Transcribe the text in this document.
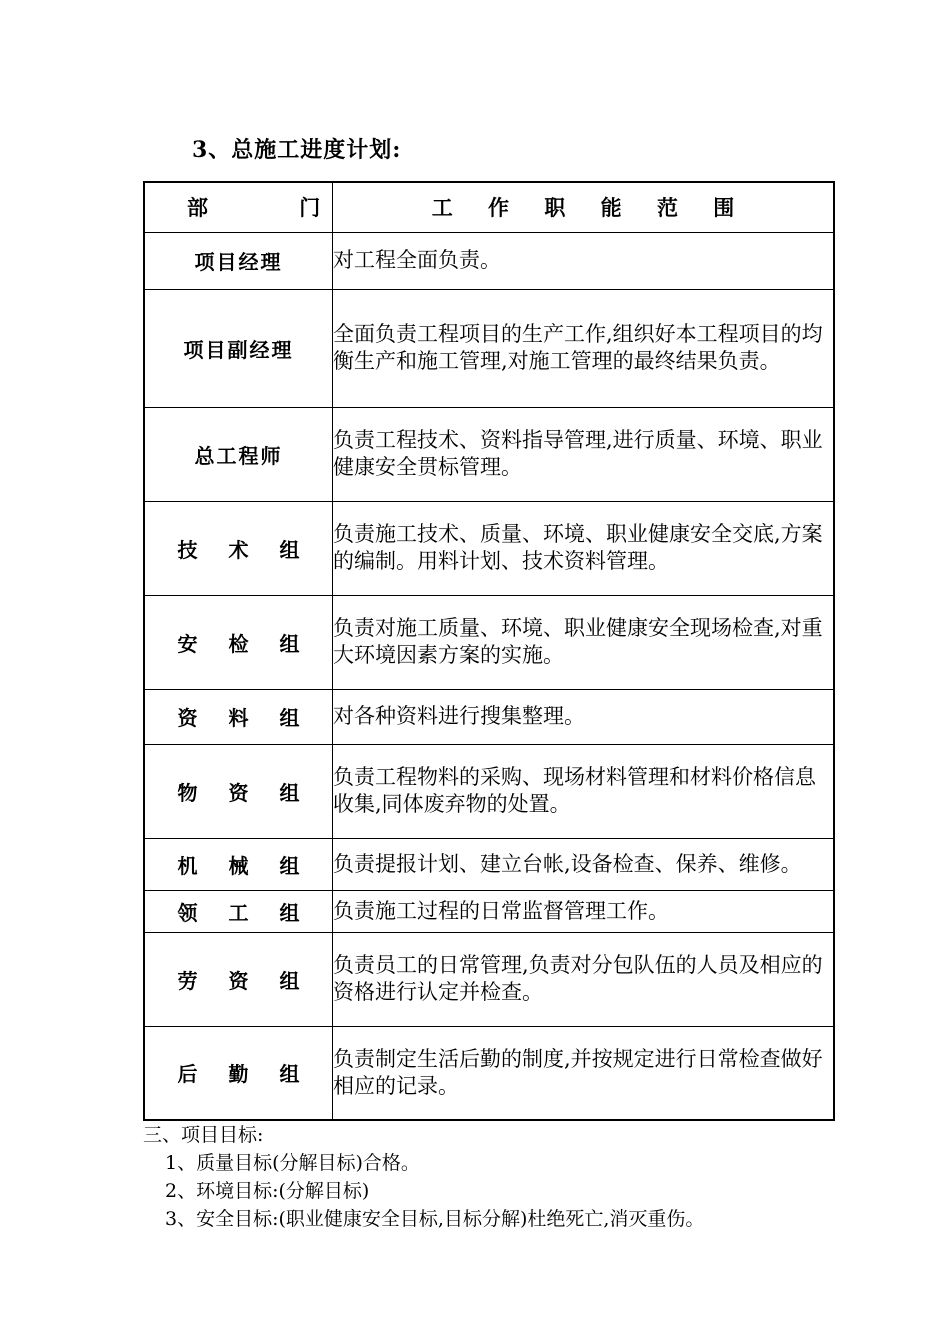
3、总施工进度计划:
部 门	工 作 职 能 范 围
项目经理	对工程全面负责。
项目副经理	全面负责工程项目的生产工作,组织好本工程项目的均衡生产和施工管理,对施工管理的最终结果负责。
总工程师	负责工程技术、资料指导管理,进行质量、环境、职业健康安全贯标管理。
技 术 组	负责施工技术、质量、环境、职业健康安全交底,方案的编制。用料计划、技术资料管理。
安 检 组	负责对施工质量、环境、职业健康安全现场检查,对重大环境因素方案的实施。
资 料 组	对各种资料进行搜集整理。
物 资 组	负责工程物料的采购、现场材料管理和材料价格信息收集,同体废弃物的处置。
机 械 组	负责提报计划、建立台帐,设备检查、保养、维修。
领 工 组	负责施工过程的日常监督管理工作。
劳 资 组	负责员工的日常管理,负责对分包队伍的人员及相应的资格进行认定并检查。
后 勤 组	负责制定生活后勤的制度,并按规定进行日常检查做好相应的记录。
三、项目目标:
1、质量目标(分解目标)合格。
2、环境目标:(分解目标)
3、安全目标:(职业健康安全目标,目标分解)杜绝死亡,消灭重伤。
